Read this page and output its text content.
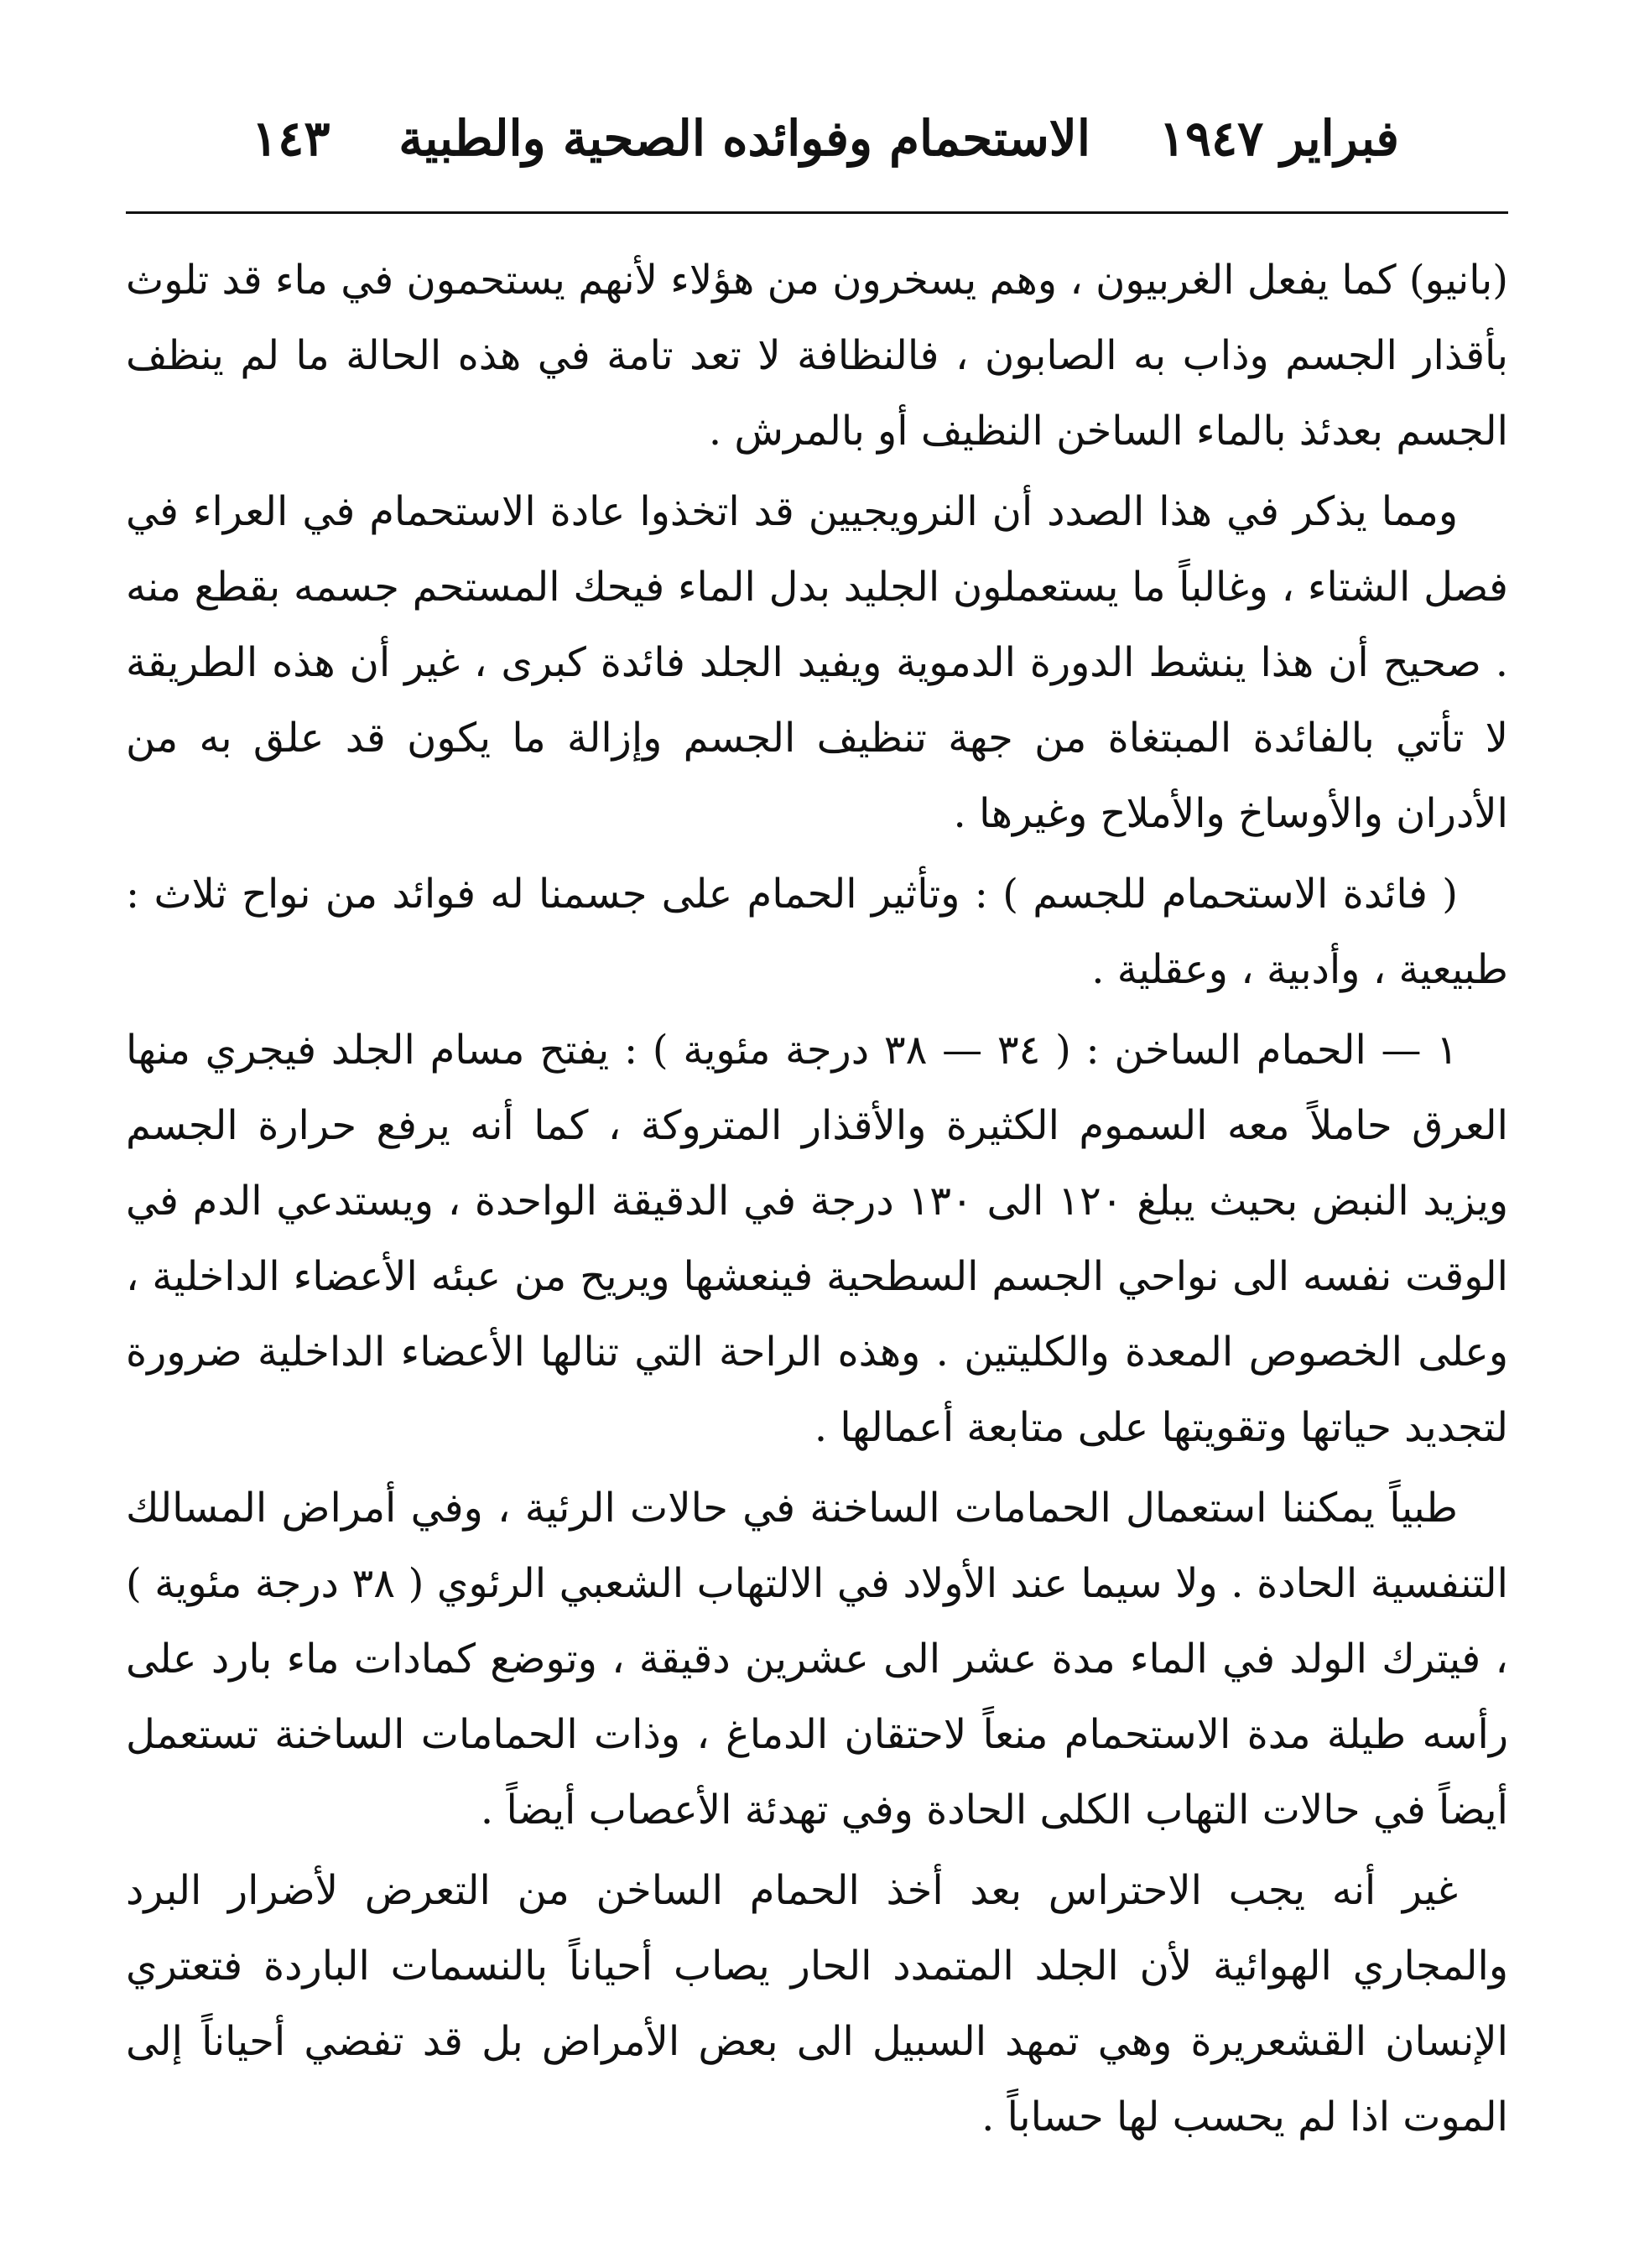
فبراير ١٩٤٧
الاستحمام وفوائده الصحية والطبية
١٤٣

(بانيو) كما يفعل الغربيون ، وهم يسخرون من هؤلاء لأنهم يستحمون في ماء قد تلوث بأقذار الجسم وذاب به الصابون ، فالنظافة لا تعد تامة في هذه الحالة ما لم ينظف الجسم بعدئذ بالماء الساخن النظيف أو بالمرش .

ومما يذكر في هذا الصدد أن النرويجيين قد اتخذوا عادة الاستحمام في العراء في فصل الشتاء ، وغالباً ما يستعملون الجليد بدل الماء فيحك المستحم جسمه بقطع منه . صحيح أن هذا ينشط الدورة الدموية ويفيد الجلد فائدة كبرى ، غير أن هذه الطريقة لا تأتي بالفائدة المبتغاة من جهة تنظيف الجسم وإزالة ما يكون قد علق به من الأدران والأوساخ والأملاح وغيرها .

( فائدة الاستحمام للجسم ) : وتأثير الحمام على جسمنا له فوائد من نواح ثلاث : طبيعية ، وأدبية ، وعقلية .

١ — الحمام الساخن : ( ٣٤ — ٣٨ درجة مئوية ) : يفتح مسام الجلد فيجري منها العرق حاملاً معه السموم الكثيرة والأقذار المتروكة ، كما أنه يرفع حرارة الجسم ويزيد النبض بحيث يبلغ ١٢٠ الى ١٣٠ درجة في الدقيقة الواحدة ، ويستدعي الدم في الوقت نفسه الى نواحي الجسم السطحية فينعشها ويريح من عبئه الأعضاء الداخلية ، وعلى الخصوص المعدة والكليتين . وهذه الراحة التي تنالها الأعضاء الداخلية ضرورة لتجديد حياتها وتقويتها على متابعة أعمالها .

طبياً يمكننا استعمال الحمامات الساخنة في حالات الرئية ، وفي أمراض المسالك التنفسية الحادة . ولا سيما عند الأولاد في الالتهاب الشعبي الرئوي ( ٣٨ درجة مئوية ) ، فيترك الولد في الماء مدة عشر الى عشرين دقيقة ، وتوضع كمادات ماء بارد على رأسه طيلة مدة الاستحمام منعاً لاحتقان الدماغ ، وذات الحمامات الساخنة تستعمل أيضاً في حالات التهاب الكلى الحادة وفي تهدئة الأعصاب أيضاً .

غير أنه يجب الاحتراس بعد أخذ الحمام الساخن من التعرض لأضرار البرد والمجاري الهوائية لأن الجلد المتمدد الحار يصاب أحياناً بالنسمات الباردة فتعتري الإنسان القشعريرة وهي تمهد السبيل الى بعض الأمراض بل قد تفضي أحياناً إلى الموت اذا لم يحسب لها حساباً .
